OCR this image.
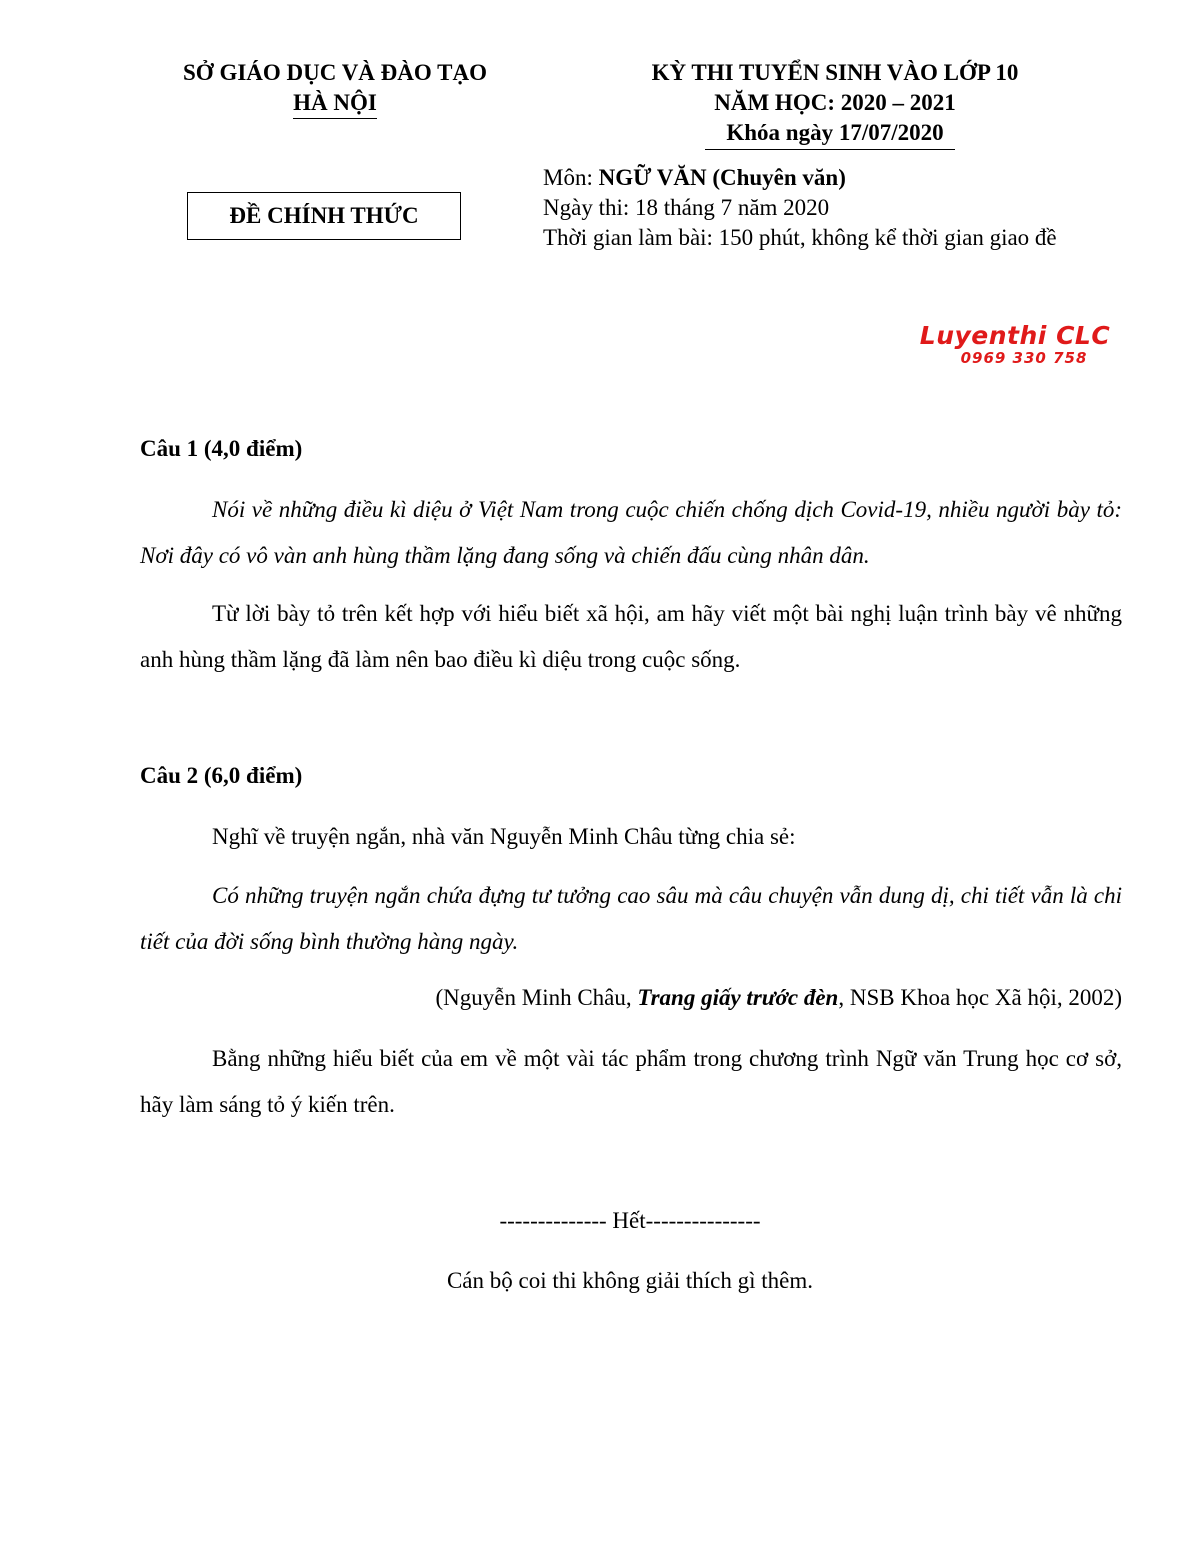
SỞ GIÁO DỤC VÀ ĐÀO TẠO
HÀ NỘI
KỲ THI TUYỂN SINH VÀO LỚP 10
NĂM HỌC: 2020 – 2021
Khóa ngày 17/07/2020
ĐỀ CHÍNH THỨC
Môn: NGỮ VĂN (Chuyên văn)
Ngày thi: 18 tháng 7 năm 2020
Thời gian làm bài: 150 phút, không kể thời gian giao đề
Luyenthi CLC
0969 330 758
Câu 1 (4,0 điểm)
Nói về những điều kì diệu ở Việt Nam trong cuộc chiến chống dịch Covid-19, nhiều người bày tỏ: Nơi đây có vô vàn anh hùng thầm lặng đang sống và chiến đấu cùng nhân dân.
Từ lời bày tỏ trên kết hợp với hiểu biết xã hội, am hãy viết một bài nghị luận trình bày vê những anh hùng thầm lặng đã làm nên bao điều kì diệu trong cuộc sống.
Câu 2 (6,0 điểm)
Nghĩ về truyện ngắn, nhà văn Nguyễn Minh Châu từng chia sẻ:
Có những truyện ngắn chứa đựng tư tưởng cao sâu mà câu chuyện vẫn dung dị, chi tiết vẫn là chi tiết của đời sống bình thường hàng ngày.
(Nguyễn Minh Châu, Trang giấy trước đèn, NSB Khoa học Xã hội, 2002)
Bằng những hiểu biết của em về một vài tác phẩm trong chương trình Ngữ văn Trung học cơ sở, hãy làm sáng tỏ ý kiến trên.
-------------- Hết---------------
Cán bộ coi thi không giải thích gì thêm.
